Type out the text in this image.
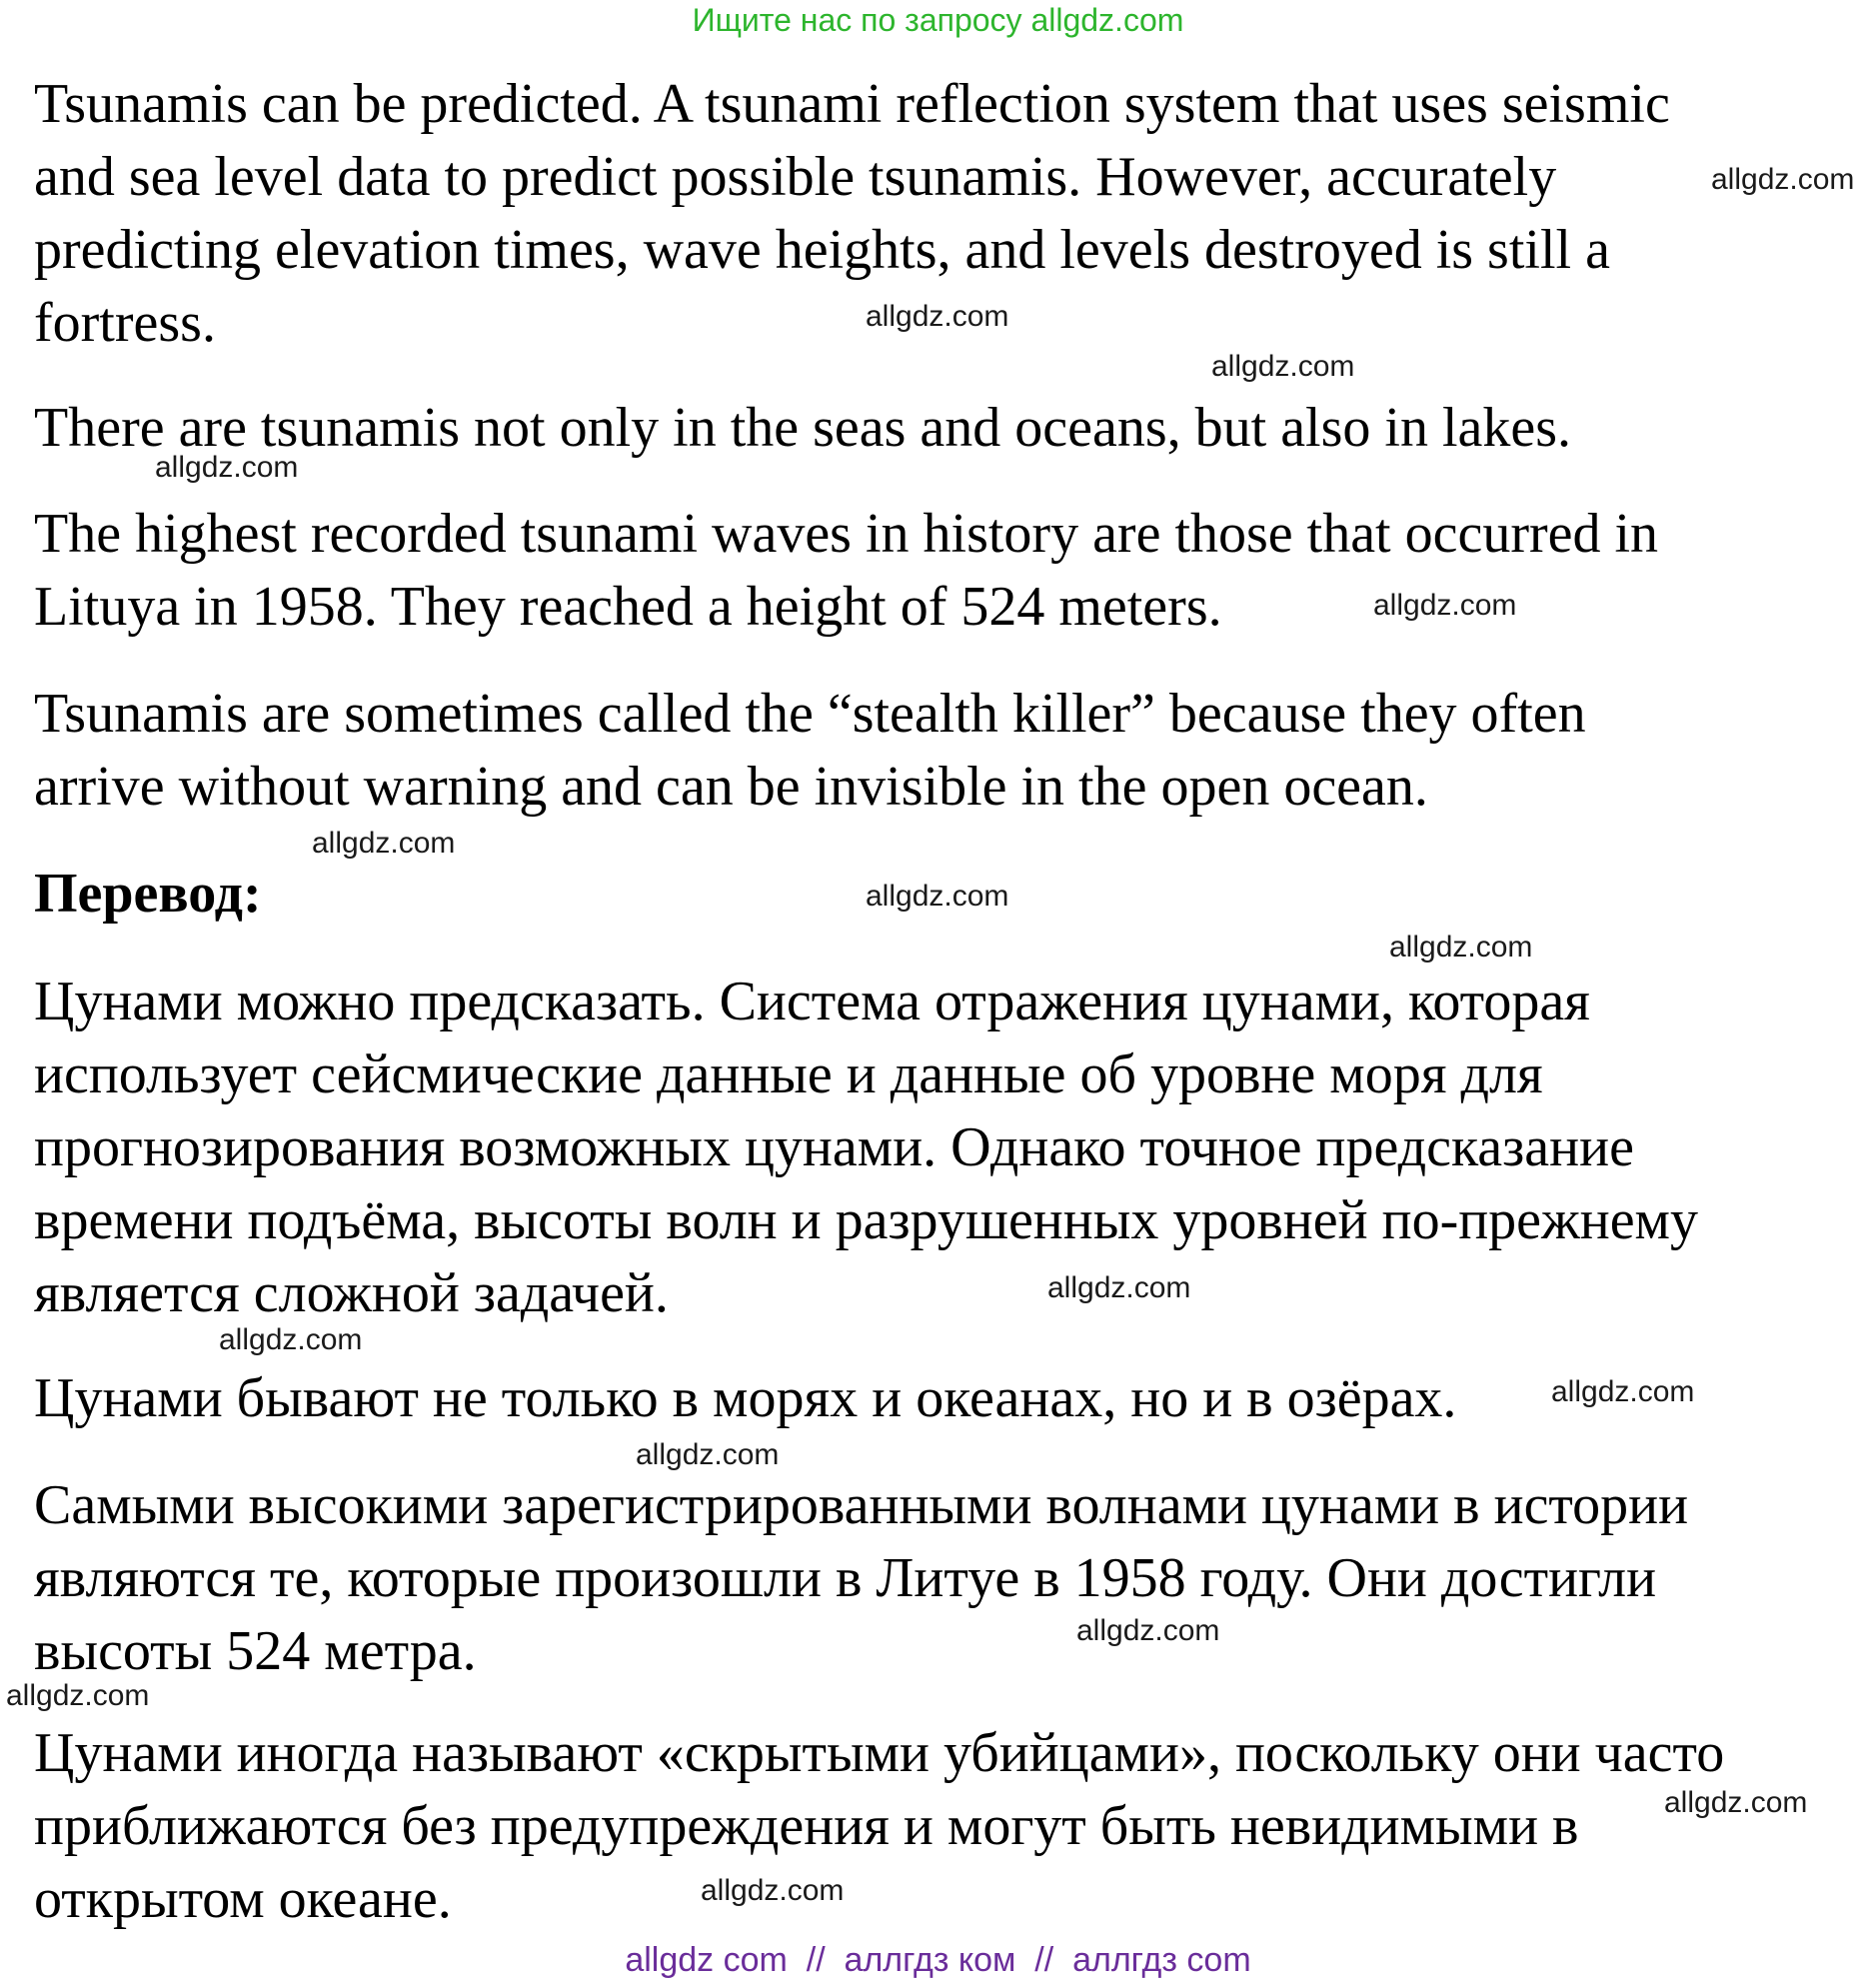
Ищите нас по запросу allgdz.com

Tsunamis can be predicted. A tsunami reflection system that uses seismic
and sea level data to predict possible tsunamis. However, accurately
predicting elevation times, wave heights, and levels destroyed is still a
fortress.

There are tsunamis not only in the seas and oceans, but also in lakes.

The highest recorded tsunami waves in history are those that occurred in
Lituya in 1958. They reached a height of 524 meters.

Tsunamis are sometimes called the “stealth killer” because they often
arrive without warning and can be invisible in the open ocean.

Перевод:

Цунами можно предсказать. Система отражения цунами, которая
использует сейсмические данные и данные об уровне моря для
прогнозирования возможных цунами. Однако точное предсказание
времени подъёма, высоты волн и разрушенных уровней по-прежнему
является сложной задачей.

Цунами бывают не только в морях и океанах, но и в озёрах.

Самыми высокими зарегистрированными волнами цунами в истории
являются те, которые произошли в Литуе в 1958 году. Они достигли
высоты 524 метра.

Цунами иногда называют «скрытыми убийцами», поскольку они часто
приближаются без предупреждения и могут быть невидимыми в
открытом океане.

allgdz.com
allgdz.com
allgdz.com
allgdz.com
allgdz.com
allgdz.com
allgdz.com
allgdz.com
allgdz.com
allgdz.com
allgdz.com
allgdz.com
allgdz.com
allgdz.com
allgdz.com
allgdz.com
allgdz com  //  аллгдз ком  //  аллгдз com
